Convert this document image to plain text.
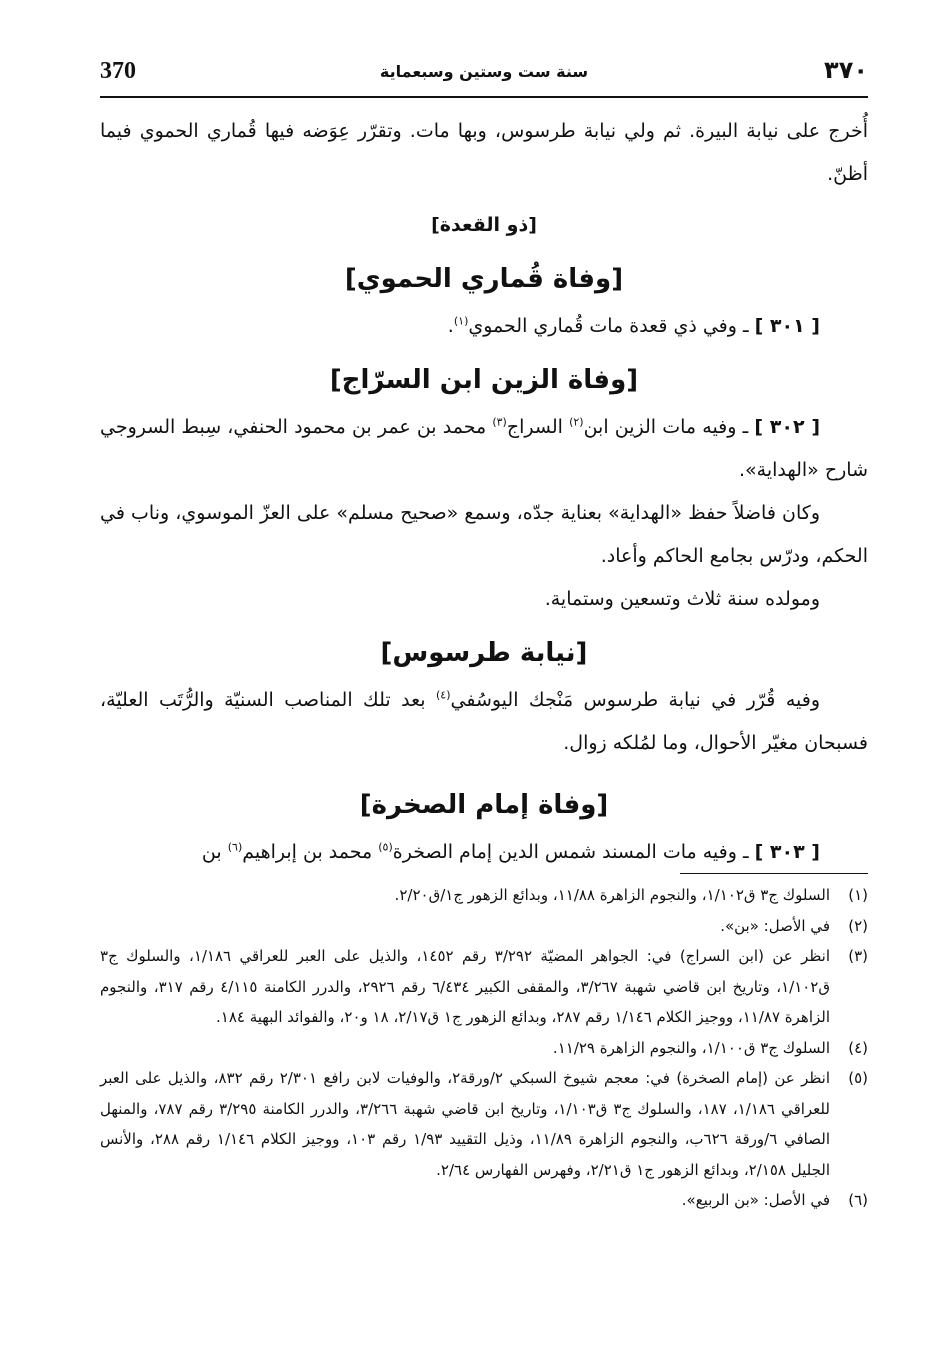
370	سنة ست وستين وسبعماية	٣٧٠

أُخرج على نيابة البيرة. ثم ولي نيابة طرسوس، وبها مات. وتقرّر عِوَضه فيها قُماري الحموي فيما أظنّ.

[ذو القعدة]
[وفاة قُماري الحموي]

[ ٣٠١ ] ـ وفي ذي قعدة مات قُماري الحموي$^{(١)}$.

[وفاة الزين ابن السرّاج]

[ ٣٠٢ ] ـ وفيه مات الزين ابن$^{(٢)}$ السراج$^{(٣)}$ محمد بن عمر بن محمود الحنفي، سِبط السروجي شارح «الهداية».

وكان فاضلاً حفظ «الهداية» بعناية جدّه، وسمع «صحيح مسلم» على العزّ الموسوي، وناب في الحكم، ودرّس بجامع الحاكم وأعاد.

ومولده سنة ثلاث وتسعين وستماية.

[نيابة طرسوس]

وفيه قُرّر في نيابة طرسوس مَنْجك اليوسُفي$^{(٤)}$ بعد تلك المناصب السنيّة والرُّتَب العليّة، فسبحان مغيّر الأحوال، وما لمُلكه زوال.

[وفاة إمام الصخرة]

[ ٣٠٣ ] ـ وفيه مات المسند شمس الدين إمام الصخرة$^{(٥)}$ محمد بن إبراهيم$^{(٦)}$ بن

(١)
السلوك ج٣ ق١/١٠٢، والنجوم الزاهرة ١١/٨٨، وبدائع الزهور ج١/ق٢/٢٠.
(٢)
في الأصل: «بن».
(٣)
انظر عن (ابن السراج) في: الجواهر المضيّة ٣/٢٩٢ رقم ١٤٥٢، والذيل على العبر للعراقي ١/١٨٦، والسلوك ج٣ ق١/١٠٢، وتاريخ ابن قاضي شهبة ٣/٢٦٧، والمقفى الكبير ٦/٤٣٤ رقم ٢٩٢٦، والدرر الكامنة ٤/١١٥ رقم ٣١٧، والنجوم الزاهرة ١١/٨٧، ووجيز الكلام ١/١٤٦ رقم ٢٨٧، وبدائع الزهور ج١ ق٢/١٧، ١٨ و٢٠، والفوائد البهية ١٨٤.
(٤)
السلوك ج٣ ق١/١٠٠، والنجوم الزاهرة ١١/٢٩.
(٥)
انظر عن (إمام الصخرة) في: معجم شيوخ السبكي ٢/ورقة٢، والوفيات لابن رافع ٢/٣٠١ رقم ٨٣٢، والذيل على العبر للعراقي ١/١٨٦، ١٨٧، والسلوك ج٣ ق١/١٠٣، وتاريخ ابن قاضي شهبة ٣/٢٦٦، والدرر الكامنة ٣/٢٩٥ رقم ٧٨٧، والمنهل الصافي ٦/ورقة ٦٢٦ب، والنجوم الزاهرة ١١/٨٩، وذيل التقييد ١/٩٣ رقم ١٠٣، ووجيز الكلام ١/١٤٦ رقم ٢٨٨، والأنس الجليل ٢/١٥٨، وبدائع الزهور ج١ ق٢/٢١، وفهرس الفهارس ٢/٦٤.
(٦)
في الأصل: «بن الربيع».
